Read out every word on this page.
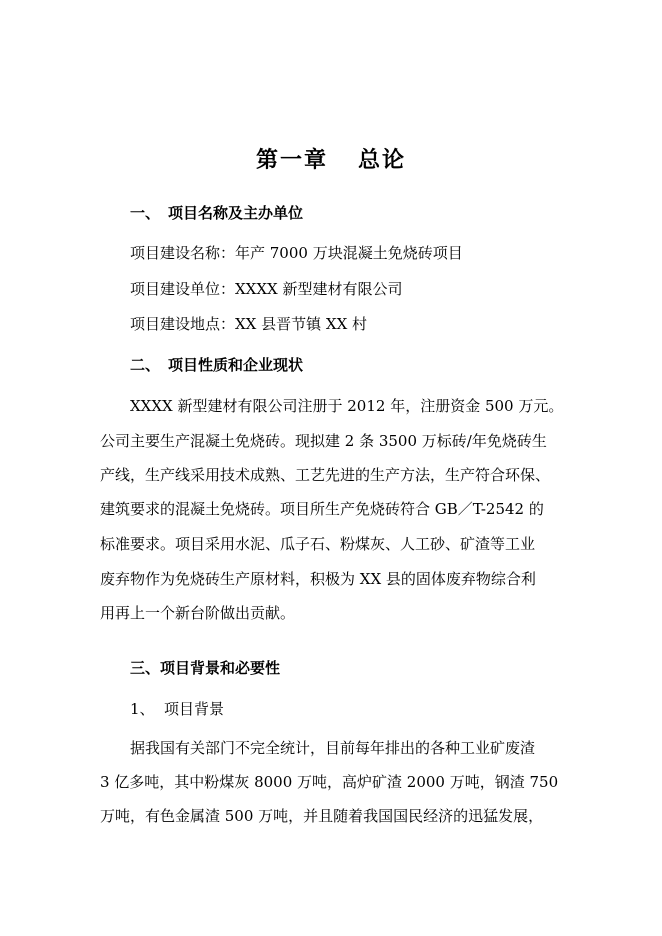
第一章 总论
一、 项目名称及主办单位
项目建设名称：年产 7000 万块混凝土免烧砖项目
项目建设单位：XXXX 新型建材有限公司
项目建设地点：XX 县晋节镇 XX 村
二、 项目性质和企业现状
XXXX 新型建材有限公司注册于 2012 年，注册资金 500 万元。
公司主要生产混凝土免烧砖。现拟建 2 条 3500 万标砖/年免烧砖生
产线，生产线采用技术成熟、工艺先进的生产方法，生产符合环保、
建筑要求的混凝土免烧砖。项目所生产免烧砖符合 GB／T-2542 的
标准要求。项目采用水泥、瓜子石、粉煤灰、人工砂、矿渣等工业
废弃物作为免烧砖生产原材料，积极为 XX 县的固体废弃物综合利
用再上一个新台阶做出贡献。
三、项目背景和必要性
1、 项目背景
据我国有关部门不完全统计，目前每年排出的各种工业矿废渣
3 亿多吨，其中粉煤灰 8000 万吨，高炉矿渣 2000 万吨，钢渣 750
万吨，有色金属渣 500 万吨，并且随着我国国民经济的迅猛发展，
